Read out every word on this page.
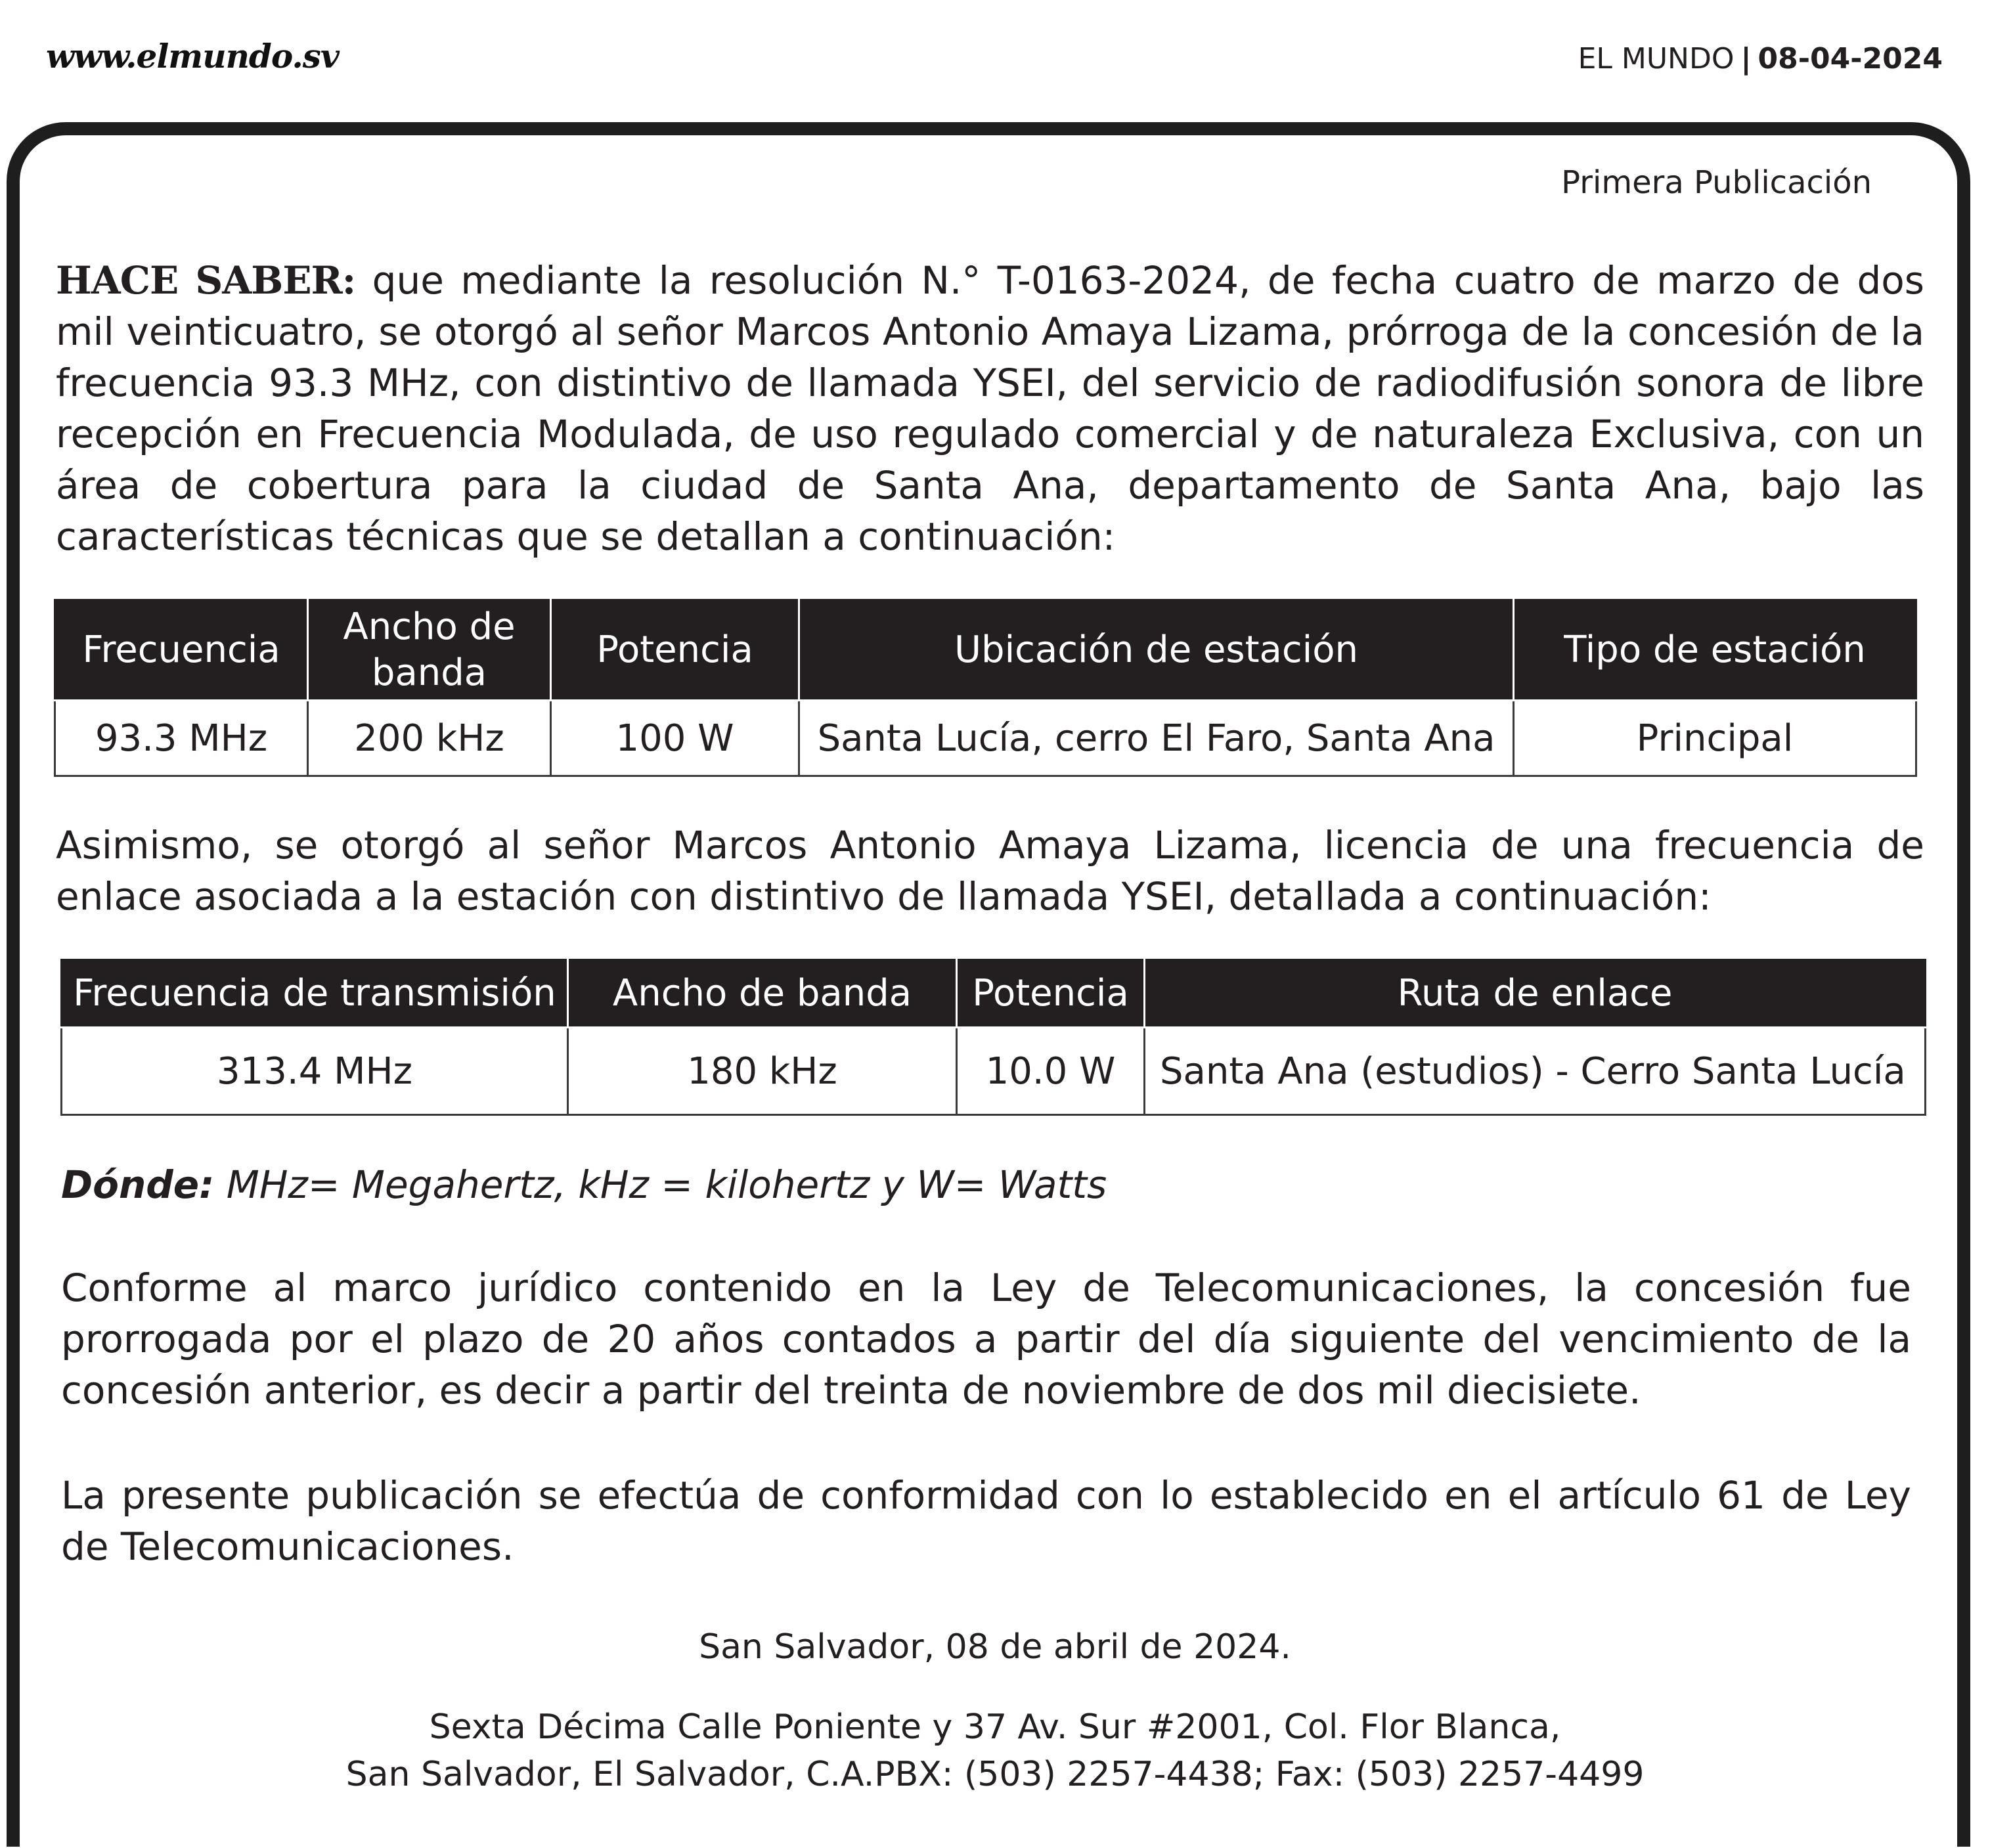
www.elmundo.sv	EL MUNDO | 08-04-2024
Primera Publicación
HACE SABER: que mediante la resolución N.° T-0163-2024, de fecha cuatro de marzo de dos mil veinticuatro, se otorgó al señor Marcos Antonio Amaya Lizama, prórroga de la concesión de la frecuencia 93.3 MHz, con distintivo de llamada YSEI, del servicio de radiodifusión sonora de libre recepción en Frecuencia Modulada, de uso regulado comercial y de naturaleza Exclusiva, con un área de cobertura para la ciudad de Santa Ana, departamento de Santa Ana, bajo las características técnicas que se detallan a continuación:
Frecuencia	Ancho de banda	Potencia	Ubicación de estación	Tipo de estación
93.3 MHz	200 kHz	100 W	Santa Lucía, cerro El Faro, Santa Ana	Principal
Asimismo, se otorgó al señor Marcos Antonio Amaya Lizama, licencia de una frecuencia de enlace asociada a la estación con distintivo de llamada YSEI, detallada a continuación:
Frecuencia de transmisión	Ancho de banda	Potencia	Ruta de enlace
313.4 MHz	180 kHz	10.0 W	Santa Ana (estudios) - Cerro Santa Lucía
Dónde: MHz= Megahertz, kHz = kilohertz y W= Watts
Conforme al marco jurídico contenido en la Ley de Telecomunicaciones, la concesión fue prorrogada por el plazo de 20 años contados a partir del día siguiente del vencimiento de la concesión anterior, es decir a partir del treinta de noviembre de dos mil diecisiete.
La presente publicación se efectúa de conformidad con lo establecido en el artículo 61 de Ley de Telecomunicaciones.
San Salvador, 08 de abril de 2024.
Sexta Décima Calle Poniente y 37 Av. Sur #2001, Col. Flor Blanca,
San Salvador, El Salvador, C.A.PBX: (503) 2257-4438; Fax: (503) 2257-4499
